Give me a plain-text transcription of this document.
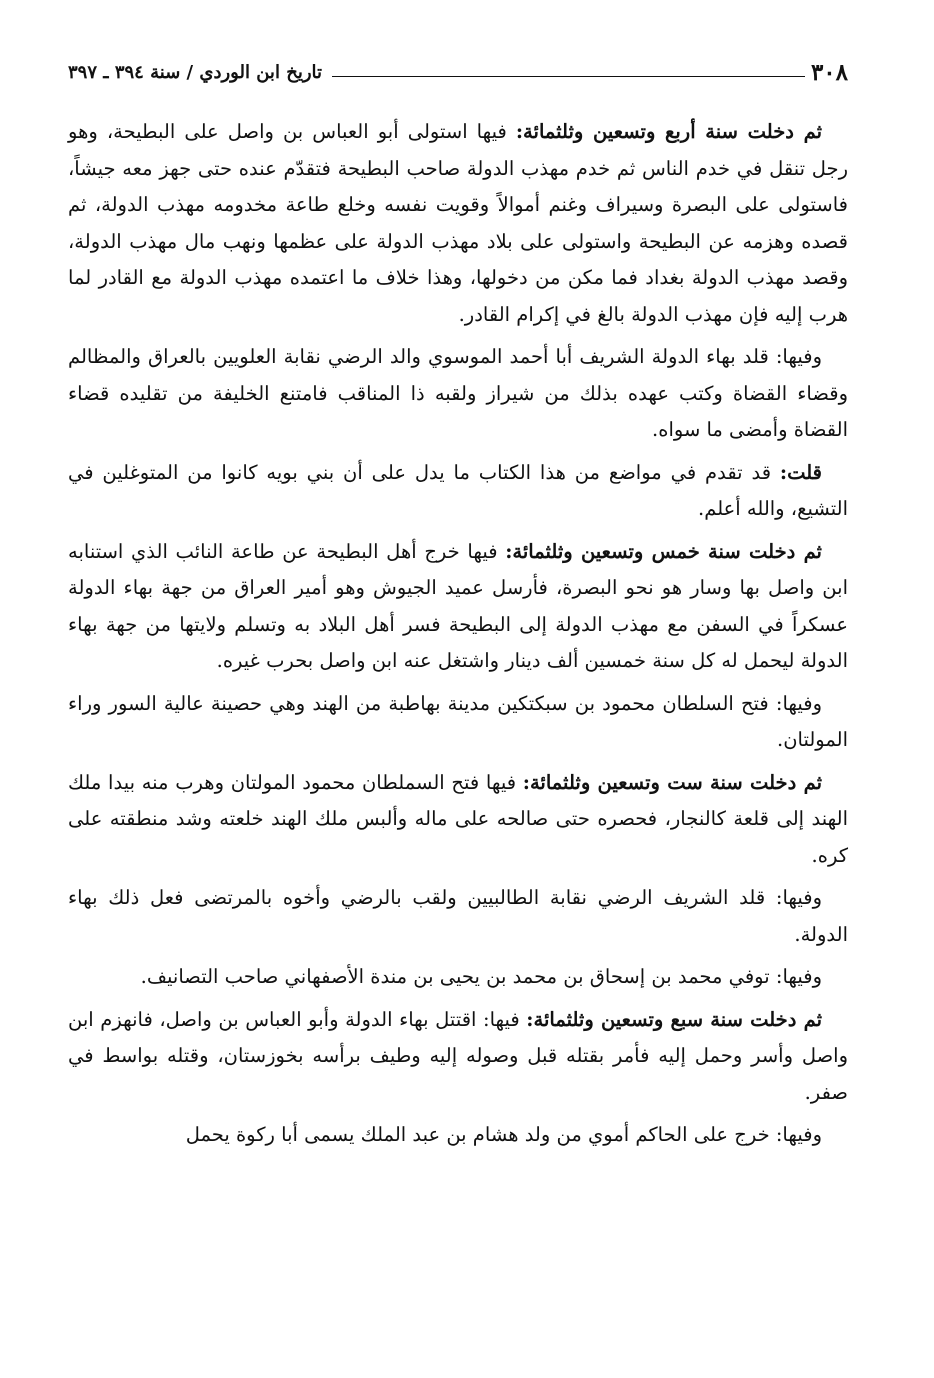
٣٠٨
تاريخ ابن الوردي / سنة ٣٩٤ ـ ٣٩٧

ثم دخلت سنة أربع وتسعين وثلثمائة: فيها استولى أبو العباس بن واصل على البطيحة، وهو رجل تنقل في خدم الناس ثم خدم مهذب الدولة صاحب البطيحة فتقدّم عنده حتى جهز معه جيشاً، فاستولى على البصرة وسيراف وغنم أموالاً وقويت نفسه وخلع طاعة مخدومه مهذب الدولة، ثم قصده وهزمه عن البطيحة واستولى على بلاد مهذب الدولة على عظمها ونهب مال مهذب الدولة، وقصد مهذب الدولة بغداد فما مكن من دخولها، وهذا خلاف ما اعتمده مهذب الدولة مع القادر لما هرب إليه فإن مهذب الدولة بالغ في إكرام القادر.

وفيها: قلد بهاء الدولة الشريف أبا أحمد الموسوي والد الرضي نقابة العلويين بالعراق والمظالم وقضاء القضاة وكتب عهده بذلك من شيراز ولقبه ذا المناقب فامتنع الخليفة من تقليده قضاء القضاة وأمضى ما سواه.

قلت: قد تقدم في مواضع من هذا الكتاب ما يدل على أن بني بويه كانوا من المتوغلين في التشيع، والله أعلم.

ثم دخلت سنة خمس وتسعين وثلثمائة: فيها خرج أهل البطيحة عن طاعة النائب الذي استنابه ابن واصل بها وسار هو نحو البصرة، فأرسل عميد الجيوش وهو أمير العراق من جهة بهاء الدولة عسكراً في السفن مع مهذب الدولة إلى البطيحة فسر أهل البلاد به وتسلم ولايتها من جهة بهاء الدولة ليحمل له كل سنة خمسين ألف دينار واشتغل عنه ابن واصل بحرب غيره.

وفيها: فتح السلطان محمود بن سبكتكين مدينة بهاطبة من الهند وهي حصينة عالية السور وراء المولتان.

ثم دخلت سنة ست وتسعين وثلثمائة: فيها فتح السملطان محمود المولتان وهرب منه بيدا ملك الهند إلى قلعة كالنجار، فحصره حتى صالحه على ماله وألبس ملك الهند خلعته وشد منطقته على كره.

وفيها: قلد الشريف الرضي نقابة الطالبيين ولقب بالرضي وأخوه بالمرتضى فعل ذلك بهاء الدولة.

وفيها: توفي محمد بن إسحاق بن محمد بن يحيى بن مندة الأصفهاني صاحب التصانيف.

ثم دخلت سنة سبع وتسعين وثلثمائة: فيها: اقتتل بهاء الدولة وأبو العباس بن واصل، فانهزم ابن واصل وأسر وحمل إليه فأمر بقتله قبل وصوله إليه وطيف برأسه بخوزستان، وقتله بواسط في صفر.

وفيها: خرج على الحاكم أموي من ولد هشام بن عبد الملك يسمى أبا ركوة يحمل
